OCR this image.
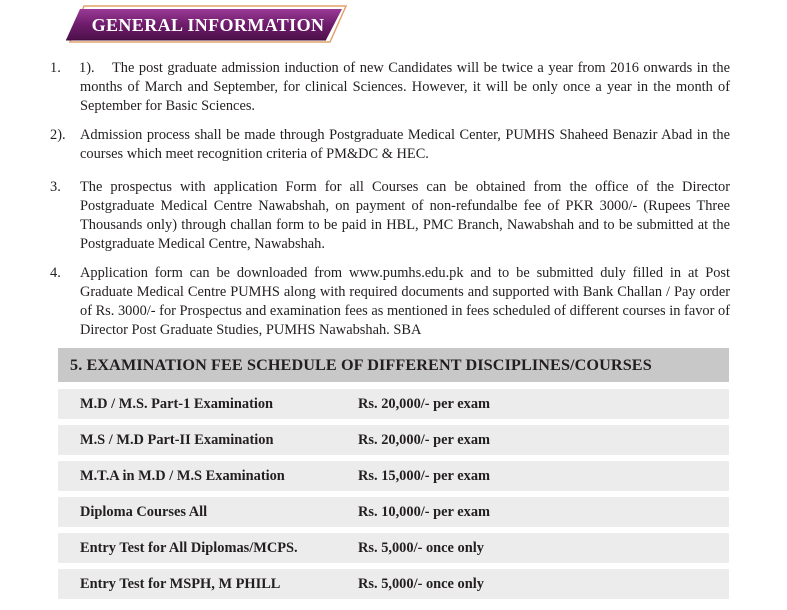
GENERAL INFORMATION
1. 1).	The post graduate admission induction of new Candidates will be twice a year from 2016 onwards in the months of March and September, for clinical Sciences. However, it will be only once a year in the month of September for Basic Sciences.
2).	Admission process shall be made through Postgraduate Medical Center, PUMHS Shaheed Benazir Abad in the courses which meet recognition criteria of PM&DC & HEC.
3.	The prospectus with application Form for all Courses can be obtained from the office of the Director Postgraduate Medical Centre Nawabshah, on payment of non-refundalbe fee of PKR 3000/- (Rupees Three Thousands only) through challan form to be paid in HBL, PMC Branch, Nawabshah and to be submitted at the Postgraduate Medical Centre, Nawabshah.
4.	Application form can be downloaded from www.pumhs.edu.pk and to be submitted duly filled in at Post Graduate Medical Centre PUMHS along with required documents and supported with Bank Challan / Pay order of Rs. 3000/- for Prospectus and examination fees as mentioned in fees scheduled of different courses in favor of Director Post Graduate Studies, PUMHS Nawabshah. SBA
5. EXAMINATION FEE SCHEDULE OF DIFFERENT DISCIPLINES/COURSES
M.D / M.S. Part-1 Examination	Rs. 20,000/- per exam
M.S / M.D Part-II Examination	Rs. 20,000/- per exam
M.T.A in M.D / M.S Examination	Rs. 15,000/- per exam
Diploma Courses All	Rs. 10,000/- per exam
Entry Test for All Diplomas/MCPS.	Rs. 5,000/- once only
Entry Test for MSPH, M PHILL	Rs. 5,000/- once only
